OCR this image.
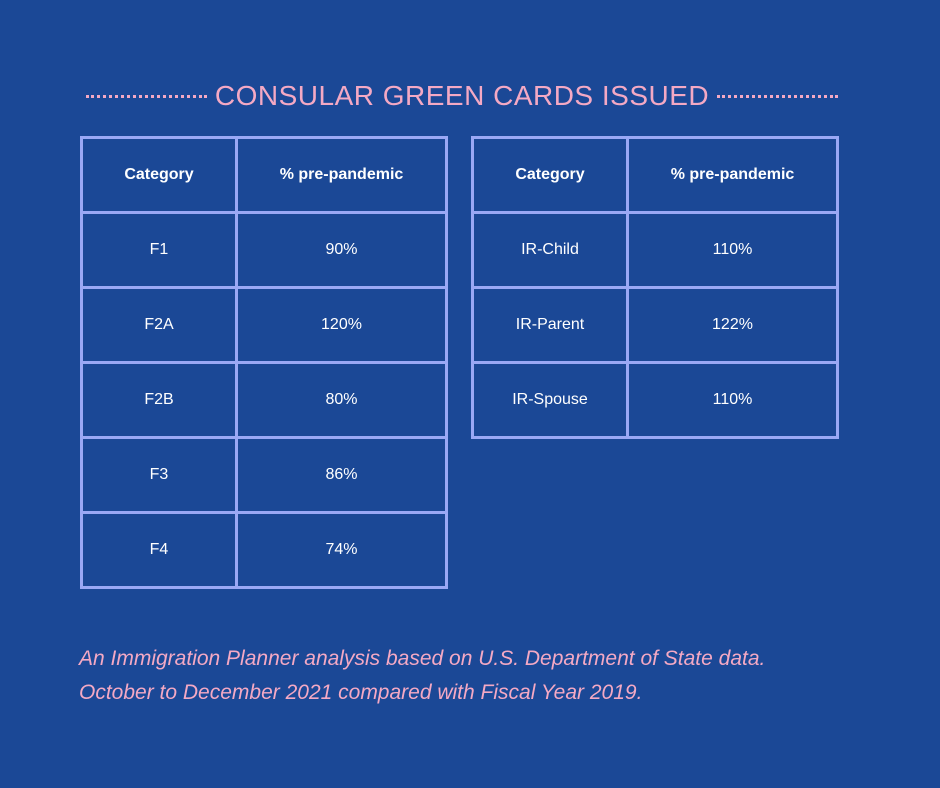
CONSULAR GREEN CARDS ISSUED
Category	% pre-pandemic
F1	90%
F2A	120%
F2B	80%
F3	86%
F4	74%
Category	% pre-pandemic
IR-Child	110%
IR-Parent	122%
IR-Spouse	110%
An Immigration Planner analysis based on U.S. Department of State data.
October to December 2021 compared with Fiscal Year 2019.
